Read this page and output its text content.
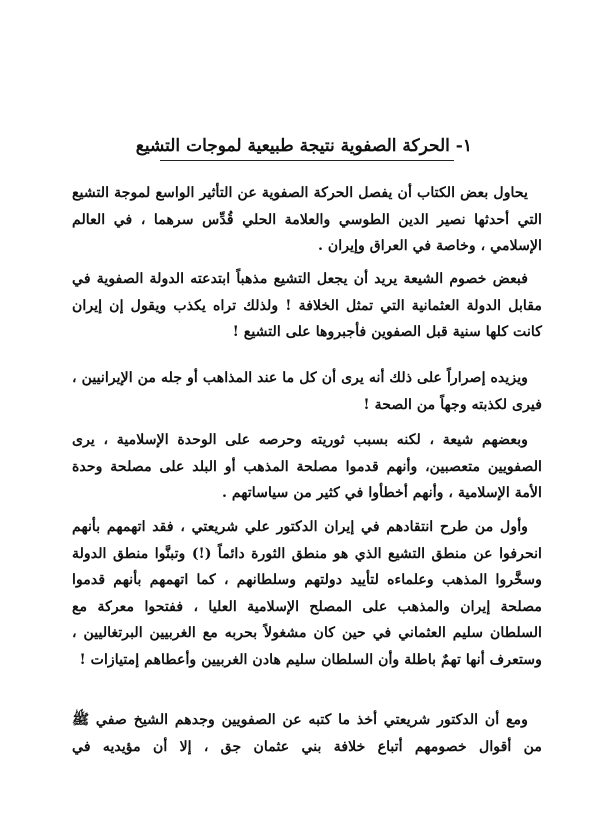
١- الحركة الصفوية نتيجة طبيعية لموجات التشيع

يحاول بعض الكتاب أن يفصل الحركة الصفوية عن التأثير الواسع لموجة التشيع التي أحدثها نصير الدين الطوسي والعلامة الحلي قُدِّس سرهما ، في العالم الإسلامي ، وخاصة في العراق وإيران .

فبعض خصوم الشيعة يريد أن يجعل التشيع مذهباً ابتدعته الدولة الصفوية في مقابل الدولة العثمانية التي تمثل الخلافة ! ولذلك تراه يكذب ويقول إن إيران كانت كلها سنية قبل الصفوين فأجبروها على التشيع !

ويزيده إصراراً على ذلك أنه يرى أن كل ما عند المذاهب أو جله من الإيرانيين ، فيرى لكذبته وجهاً من الصحة !

وبعضهم شيعة ، لكنه بسبب ثوريته وحرصه على الوحدة الإسلامية ، يرى الصفويين متعصبين، وأنهم قدموا مصلحة المذهب أو البلد على مصلحة وحدة الأمة الإسلامية ، وأنهم أخطأوا في كثير من سياساتهم .

وأول من طرح انتقادهم في إيران الدكتور علي شريعتي ، فقد اتهمهم بأنهم انحرفوا عن منطق التشيع الذي هو منطق الثورة دائماً (!) وتبنَّوا منطق الدولة وسخَّروا المذهب وعلماءه لتأييد دولتهم وسلطانهم ، كما اتهمهم بأنهم قدموا مصلحة إيران والمذهب على المصلح الإسلامية العليا ، ففتحوا معركة مع السلطان سليم العثماني في حين كان مشغولاً بحربه مع الغربيين البرتغاليين ، وستعرف أنها تهمٌ باطلة وأن السلطان سليم هادن الغربيين وأعطاهم إمتيازات !

ومع أن الدكتور شريعتي أخذ ما كتبه عن الصفويين وجدهم الشيخ صفي ﷺ من أقوال خصومهم أتباع خلافة بني عثمان جق ، إلا أن مؤيديه في
